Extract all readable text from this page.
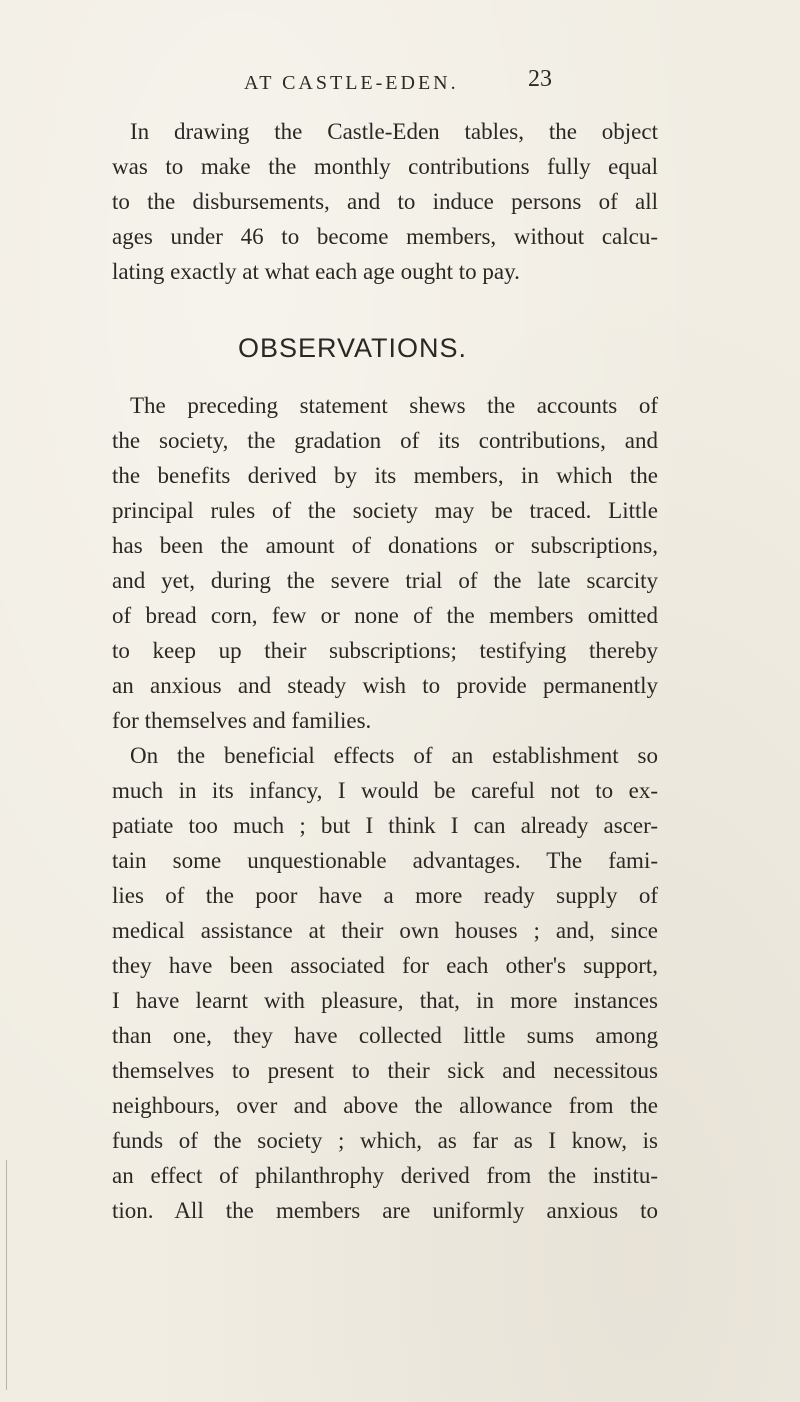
AT CASTLE-EDEN.	23
In drawing the Castle-Eden tables, the object
was to make the monthly contributions fully equal
to the disbursements, and to induce persons of all
ages under 46 to become members, without calcu-
lating exactly at what each age ought to pay.
OBSERVATIONS.
The preceding statement shews the accounts of
the society, the gradation of its contributions, and
the benefits derived by its members, in which the
principal rules of the society may be traced. Little
has been the amount of donations or subscriptions,
and yet, during the severe trial of the late scarcity
of bread corn, few or none of the members omitted
to keep up their subscriptions; testifying thereby
an anxious and steady wish to provide permanently
for themselves and families.
On the beneficial effects of an establishment so
much in its infancy, I would be careful not to ex-
patiate too much ; but I think I can already ascer-
tain some unquestionable advantages. The fami-
lies of the poor have a more ready supply of
medical assistance at their own houses ; and, since
they have been associated for each other's support,
I have learnt with pleasure, that, in more instances
than one, they have collected little sums among
themselves to present to their sick and necessitous
neighbours, over and above the allowance from the
funds of the society ; which, as far as I know, is
an effect of philanthrophy derived from the institu-
tion. All the members are uniformly anxious to
